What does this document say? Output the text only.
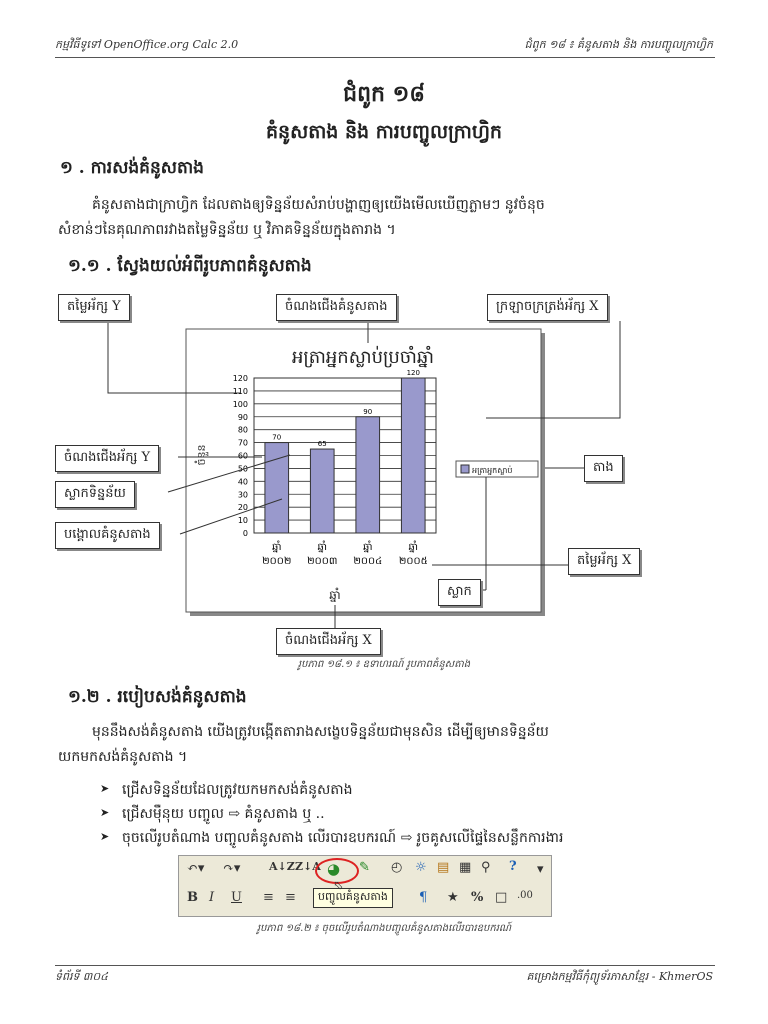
កម្មវិធីទូទៅ OpenOffice.org Calc 2.0	ជំពូក ១៨ ៖ គំនូសតាង និង ការបញ្ចូលក្រាហ្វិក
ជំពូក ១៨
គំនូសតាង និង ការបញ្ចូលក្រាហ្វិក
១ . ការសង់គំនូសតាង
គំនូសតាងជាក្រាហ្វិក ដែលតាងឲ្យទិន្នន័យសំរាប់បង្ហាញឲ្យយើងមើលឃើញភ្លាមៗ នូវចំនុច
សំខាន់ៗនៃគុណភាពរវាងតម្លៃទិន្នន័យ ឬ វិភាគទិន្នន័យក្នុងតារាង ។
១.១ . ស្វែងយល់អំពីរូបភាពគំនូសតាង
អត្រាអ្នកស្លាប់ប្រចាំឆ្នាំ
70
65
90
120
0
10
20
30
40
50
60
70
80
90
100
110
120
ឆ្នាំ
២០០២
ឆ្នាំ
២០០៣
ឆ្នាំ
២០០៤
ឆ្នាំ
២០០៥
ចំនួន
ឆ្នាំ
អត្រាអ្នកស្លាប់
តម្លៃអ័ក្ស Y	ចំណងជើងគំនូសតាង	ក្រឡាចក្រត្រង់អ័ក្ស X
ចំណងជើងអ័ក្ស Y
ស្លាកទិន្នន័យ
បង្គោលគំនូសតាង
តាង
តម្លៃអ័ក្ស X
ស្លាក
ចំណងជើងអ័ក្ស X
រូបភាព ១៨.១ ៖ ឧទាហរណ៍ រូបភាពគំនូសតាង
១.២ . របៀបសង់គំនូសតាង
មុននឹងសង់គំនូសតាង យើងត្រូវបង្កើតតារាងសង្ខេបទិន្នន័យជាមុនសិន ដើម្បីឲ្យមានទិន្នន័យ
យកមកសង់គំនូសតាង ។
➤ ជ្រើសទិន្នន័យដែលត្រូវយកមកសង់គំនូសតាង
➤ ជ្រើសម៉ឺនុយ បញ្ចូល ⇨ គំនូសតាង ឬ ..
➤ ចុចលើរូបតំណាង បញ្ចូលគំនូសតាង លើរបារឧបករណ៍ ⇨ រូចគូសលើផ្ទៃនៃសន្លឹកការងារ
↶▾ ↷▾	A↓Z Z↓A ◕ ✎ ◴ ☼ ▤ ▦ ⚲ ? ▾
B I U ≡ ≡	¶ ★ % □ .00
បញ្ចូលគំនូសតាង
⬁
រូបភាព ១៨.២ ៖ ចុចលើរូបតំណាងបញ្ចូលគំនូសតាងលើរបារឧបករណ៍
ទំព័រទី ៣០៤	គម្រោងកម្មវិធីកុំព្យូទ័រភាសាខ្មែរ - KhmerOS
